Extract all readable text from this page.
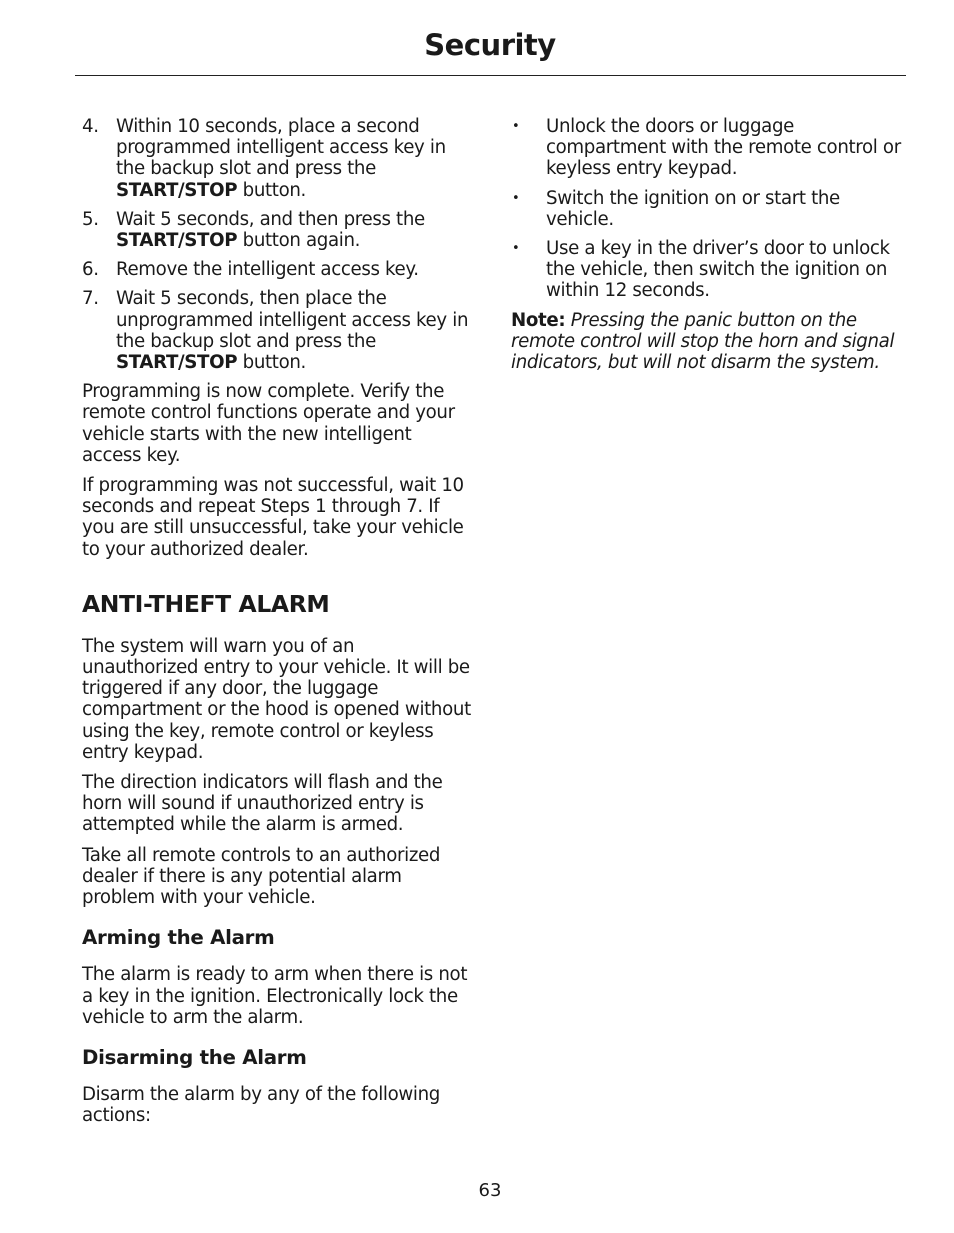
Security
4. Within 10 seconds, place a second programmed intelligent access key in the backup slot and press the START/STOP button.
5. Wait 5 seconds, and then press the START/STOP button again.
6. Remove the intelligent access key.
7. Wait 5 seconds, then place the unprogrammed intelligent access key in the backup slot and press the START/STOP button.

Programming is now complete. Verify the remote control functions operate and your vehicle starts with the new intelligent access key.

If programming was not successful, wait 10 seconds and repeat Steps 1 through 7. If you are still unsuccessful, take your vehicle to your authorized dealer.

ANTI-THEFT ALARM

The system will warn you of an unauthorized entry to your vehicle. It will be triggered if any door, the luggage compartment or the hood is opened without using the key, remote control or keyless entry keypad.

The direction indicators will flash and the horn will sound if unauthorized entry is attempted while the alarm is armed.

Take all remote controls to an authorized dealer if there is any potential alarm problem with your vehicle.

Arming the Alarm

The alarm is ready to arm when there is not a key in the ignition. Electronically lock the vehicle to arm the alarm.

Disarming the Alarm

Disarm the alarm by any of the following actions:

•	Unlock the doors or luggage compartment with the remote control or keyless entry keypad.
•	Switch the ignition on or start the vehicle.
•	Use a key in the driver’s door to unlock the vehicle, then switch the ignition on within 12 seconds.

Note: Pressing the panic button on the remote control will stop the horn and signal indicators, but will not disarm the system.

63
